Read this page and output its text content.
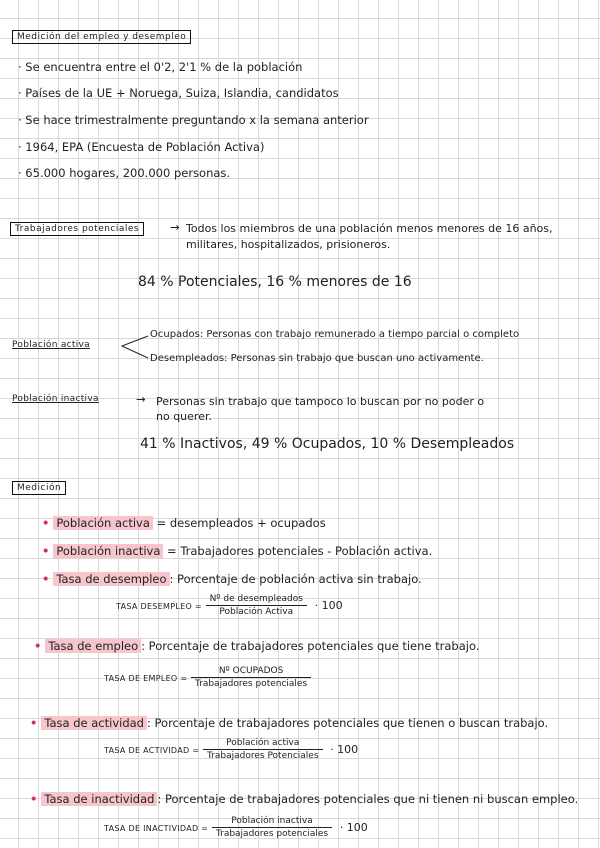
Medición del empleo y desempleo
· Se encuentra entre el 0'2, 2'1 % de la población
· Países de la UE + Noruega, Suiza, Islandia, candidatos
· Se hace trimestralmente preguntando x la semana anterior
· 1964, EPA (Encuesta de Población Activa)
· 65.000 hogares, 200.000 personas.
Trabajadores potenciales	→ Todos los miembros de una población menos menores de 16 años,
militares, hospitalizados, prisioneros.
84 % Potenciales, 16 % menores de 16
Población activa
Ocupados: Personas con trabajo remunerado a tiempo parcial o completo
Desempleados: Personas sin trabajo que buscan uno activamente.
Población inactiva	→ Personas sin trabajo que tampoco lo buscan por no poder o
no querer.
41 % Inactivos, 49 % Ocupados, 10 % Desempleados
Medición
• Población activa = desempleados + ocupados
• Población inactiva = Trabajadores potenciales - Población activa.
• Tasa de desempleo : Porcentaje de población activa sin trabajo.
TASA DESEMPLEO = $\frac{\text{Nº de desempleados}}{\text{Población Activa}} \cdot 100$
• Tasa de empleo : Porcentaje de trabajadores potenciales que tiene trabajo.
TASA DE EMPLEO = $\frac{\text{Nº OCUPADOS}}{\text{Trabajadores potenciales}}$
• Tasa de actividad : Porcentaje de trabajadores potenciales que tienen o buscan trabajo.
TASA DE ACTIVIDAD = $\frac{\text{Población activa}}{\text{Trabajadores Potenciales}} \cdot 100$
• Tasa de inactividad : Porcentaje de trabajadores potenciales que ni tienen ni buscan empleo.
TASA DE INACTIVIDAD = $\frac{\text{Población inactiva}}{\text{Trabajadores potenciales}} \cdot 100$
